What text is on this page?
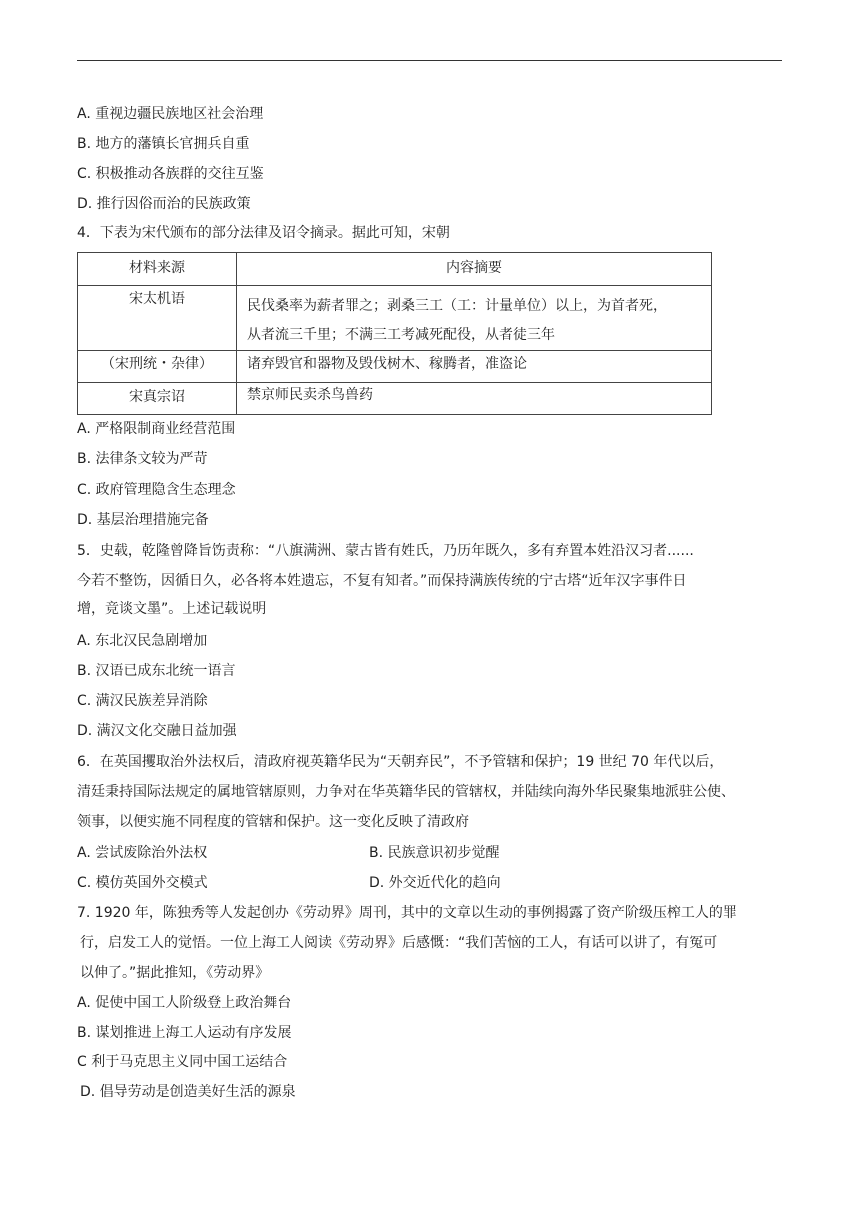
A. 重视边疆民族地区社会治理
B. 地方的藩镇长官拥兵自重
C. 积极推动各族群的交往互鉴
D. 推行因俗而治的民族政策
4．下表为宋代颁布的部分法律及诏令摘录。据此可知，宋朝
材料来源	内容摘要
宋太机语	民伐桑率为薪者罪之；剥桑三工（工：计量单位）以上，为首者死，
从者流三千里；不满三工考减死配役，从者徒三年

（宋刑统・杂律）	诸弃毁官和器物及毁伐树木、稼腾者，准盗论
宋真宗诏	禁京师民卖杀鸟兽药
A. 严格限制商业经营范围
B. 法律条文较为严苛
C. 政府管理隐含生态理念
D. 基层治理措施完备
5．史载，乾隆曾降旨饬责称：“八旗满洲、蒙古皆有姓氏，乃历年既久，多有弃置本姓沿汉习者......
今若不整饬，因循日久，必各将本姓遗忘，不复有知者。”而保持满族传统的宁古塔“近年汉字事件日
增，竞谈文墨”。上述记载说明
A. 东北汉民急剧增加
B. 汉语已成东北统一语言
C. 满汉民族差异消除
D. 满汉文化交融日益加强
6．在英国攫取治外法权后，清政府视英籍华民为“天朝弃民”，不予管辖和保护；19 世纪 70 年代以后，
清廷秉持国际法规定的属地管辖原则，力争对在华英籍华民的管辖权，并陆续向海外华民聚集地派驻公使、
领事，以便实施不同程度的管辖和保护。这一变化反映了清政府
A. 尝试废除治外法权	B. 民族意识初步觉醒
C. 模仿英国外交模式	D. 外交近代化的趋向
7. 1920 年，陈独秀等人发起创办《劳动界》周刊，其中的文章以生动的事例揭露了资产阶级压榨工人的罪
行，启发工人的觉悟。一位上海工人阅读《劳动界》后感慨：“我们苦恼的工人，有话可以讲了，有冤可
以伸了。”据此推知，《劳动界》
A. 促使中国工人阶级登上政治舞台
B. 谋划推进上海工人运动有序发展
C 利于马克思主义同中国工运结合
D. 倡导劳动是创造美好生活的源泉
